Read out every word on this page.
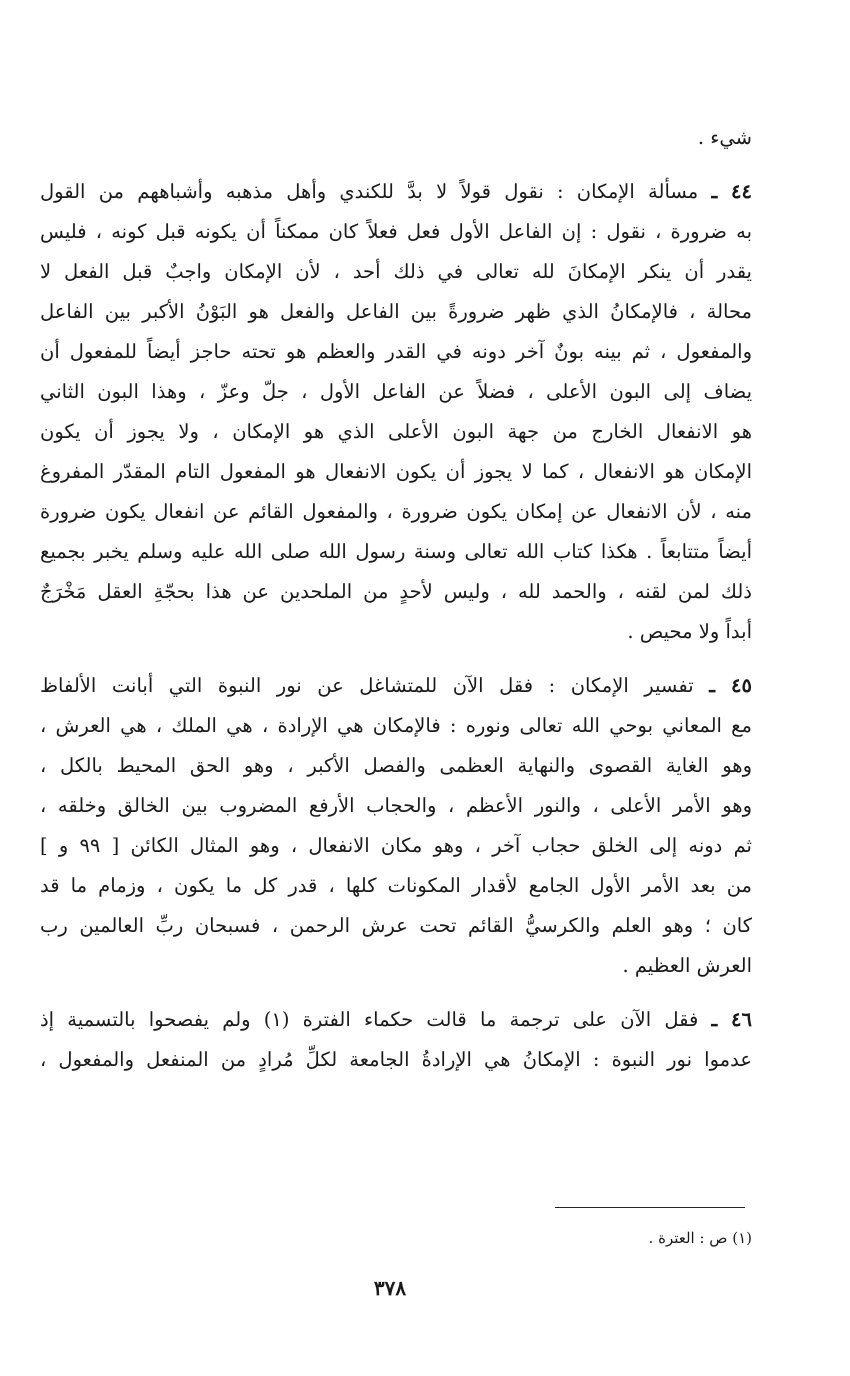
شيء .
٤٤ ـ مسألة الإمكان : نقول قولاً لا بدَّ للكندي وأهل مذهبه وأشباههم من القول
به ضرورة ، نقول : إن الفاعل الأول فعل فعلاً كان ممكناً أن يكونه قبل كونه ، فليس
يقدر أن ينكر الإمكانَ لله تعالى في ذلك أحد ، لأن الإمكان واجبٌ قبل الفعل لا
محالة ، فالإمكانُ الذي ظهر ضرورةً بين الفاعل والفعل هو البَوْنُ الأكبر بين الفاعل
والمفعول ، ثم بينه بونٌ آخر دونه في القدر والعظم هو تحته حاجز أيضاً للمفعول أن
يضاف إلى البون الأعلى ، فضلاً عن الفاعل الأول ، جلّ وعزّ ، وهذا البون الثاني
هو الانفعال الخارج من جهة البون الأعلى الذي هو الإمكان ، ولا يجوز أن يكون
الإمكان هو الانفعال ، كما لا يجوز أن يكون الانفعال هو المفعول التام المقدّر المفروغ
منه ، لأن الانفعال عن إمكان يكون ضرورة ، والمفعول القائم عن انفعال يكون ضرورة
أيضاً متتابعاً . هكذا كتاب الله تعالى وسنة رسول الله صلى الله عليه وسلم يخبر بجميع
ذلك لمن لقنه ، والحمد لله ، وليس لأحدٍ من الملحدين عن هذا بحجّةِ العقل مَخْرَجٌ
أبداً ولا محيص .
٤٥ ـ تفسير الإمكان : فقل الآن للمتشاغل عن نور النبوة التي أبانت الألفاظ
مع المعاني بوحي الله تعالى ونوره : فالإمكان هي الإرادة ، هي الملك ، هي العرش ،
وهو الغاية القصوى والنهاية العظمى والفصل الأكبر ، وهو الحق المحيط بالكل ،
وهو الأمر الأعلى ، والنور الأعظم ، والحجاب الأرفع المضروب بين الخالق وخلقه ،
ثم دونه إلى الخلق حجاب آخر ، وهو مكان الانفعال ، وهو المثال الكائن [ ٩٩ و ]
من بعد الأمر الأول الجامع لأقدار المكونات كلها ، قدر كل ما يكون ، وزمام ما قد
كان ؛ وهو العلم والكرسيُّ القائم تحت عرش الرحمن ، فسبحان ربِّ العالمين رب
العرش العظيم .
٤٦ ـ فقل الآن على ترجمة ما قالت حكماء الفترة (١) ولم يفصحوا بالتسمية إذ
عدموا نور النبوة : الإمكانُ هي الإرادةُ الجامعة لكلِّ مُرادٍ من المنفعل والمفعول ،
(١) ص : العترة .
٣٧٨
